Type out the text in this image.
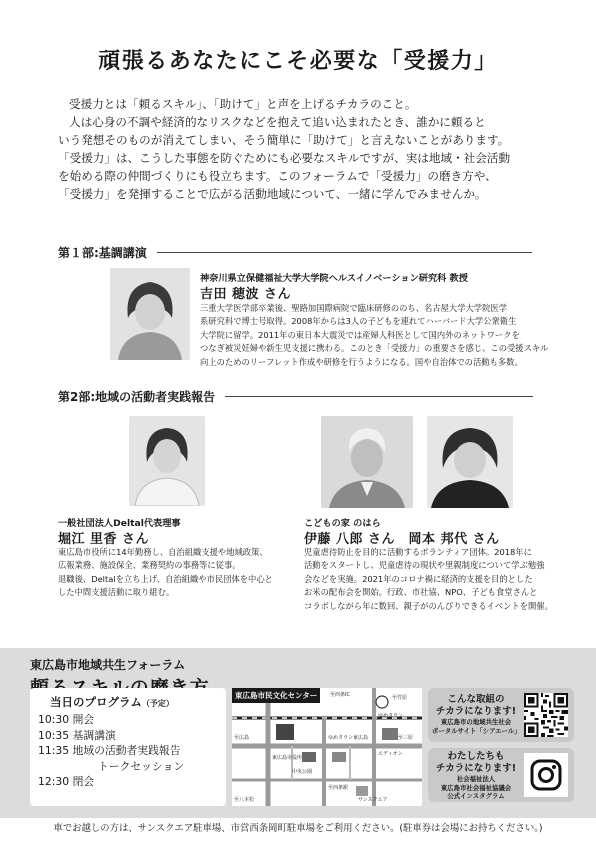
頑張るあなたにこそ必要な「受援力」

受援力とは「頼るスキル」、「助けて」と声を上げるチカラのこと。

人は心身の不調や経済的なリスクなどを抱えて追い込まれたとき、誰かに頼ると

いう発想そのものが消えてしまい、そう簡単に「助けて」と言えないことがあります。

「受援力」は、こうした事態を防ぐためにも必要なスキルですが、実は地域・社会活動

を始める際の仲間づくりにも役立ちます。このフォーラムで「受援力」の磨き方や、

「受援力」を発揮することで広がる活動地域について、一緒に学んでみませんか。

第１部:基調講演
神奈川県立保健福祉大学大学院ヘルスイノベーション研究科 教授
吉田 穂波 さん

三重大学医学部卒業後、聖路加国際病院で臨床研修ののち、名古屋大学大学院医学

系研究科で博士号取得。2008年からは3人の子どもを連れてハーバード大学公衆衛生

大学院に留学。2011年の東日本大震災では産婦人科医として国内外のネットワークを

つなぎ被災妊婦や新生児支援に携わる。このとき「受援力」の重要さを感じ、この受援スキル

向上のためのリーフレット作成や研修を行うようになる。国や自治体での活動も多数。

第2部:地域の活動者実践報告
一般社団法人Deltal代表理事
堀江 里香 さん

東広島市役所に14年勤務し、自治組織支援や地域政策、

広報業務、施設保全、業務契約の事務等に従事。

退職後、Deltalを立ち上げ、自治組織や市民団体を中心と

した中間支援活動に取り組む。

こどもの家 のはら
伊藤 八郎 さん　岡本 邦代 さん

児童虐待防止を目的に活動するボランティア団体。2018年に

活動をスタートし、児童虐待の現状や里親制度について学ぶ勉強

会などを実施。2021年のコロナ禍に経済的支援を目的とした

お米の配布会を開始。行政、市社協、NPO、子ども食堂さんと

コラボしながら年に数回、親子がのんびりできるイベントを開催。

東広島市地域共生フォーラム
当日のプログラム（予定）
10:30 開会
10:35 基調講演
11:35 地域の活動者実践報告
トークセッション
12:30 閉会
東広島市民文化センター	至西条IC	至竹原
至広島	至三原
エディオン
東広島市役所
ゆめタウン東広島
至西条駅
至八本松
中央公園
サンスクエア
ゆめタウン
こんな取組の
チカラになります!
東広島市の地域共生社会
ポータルサイト「シアエール」
わたしたちも
チカラになります!
社会福祉法人
東広島市社会福祉協議会
公式インスタグラム
車でお越しの方は、サンスクエア駐車場、市営西条岡町駐車場をご利用ください。(駐車券は会場にお持ちください。)
